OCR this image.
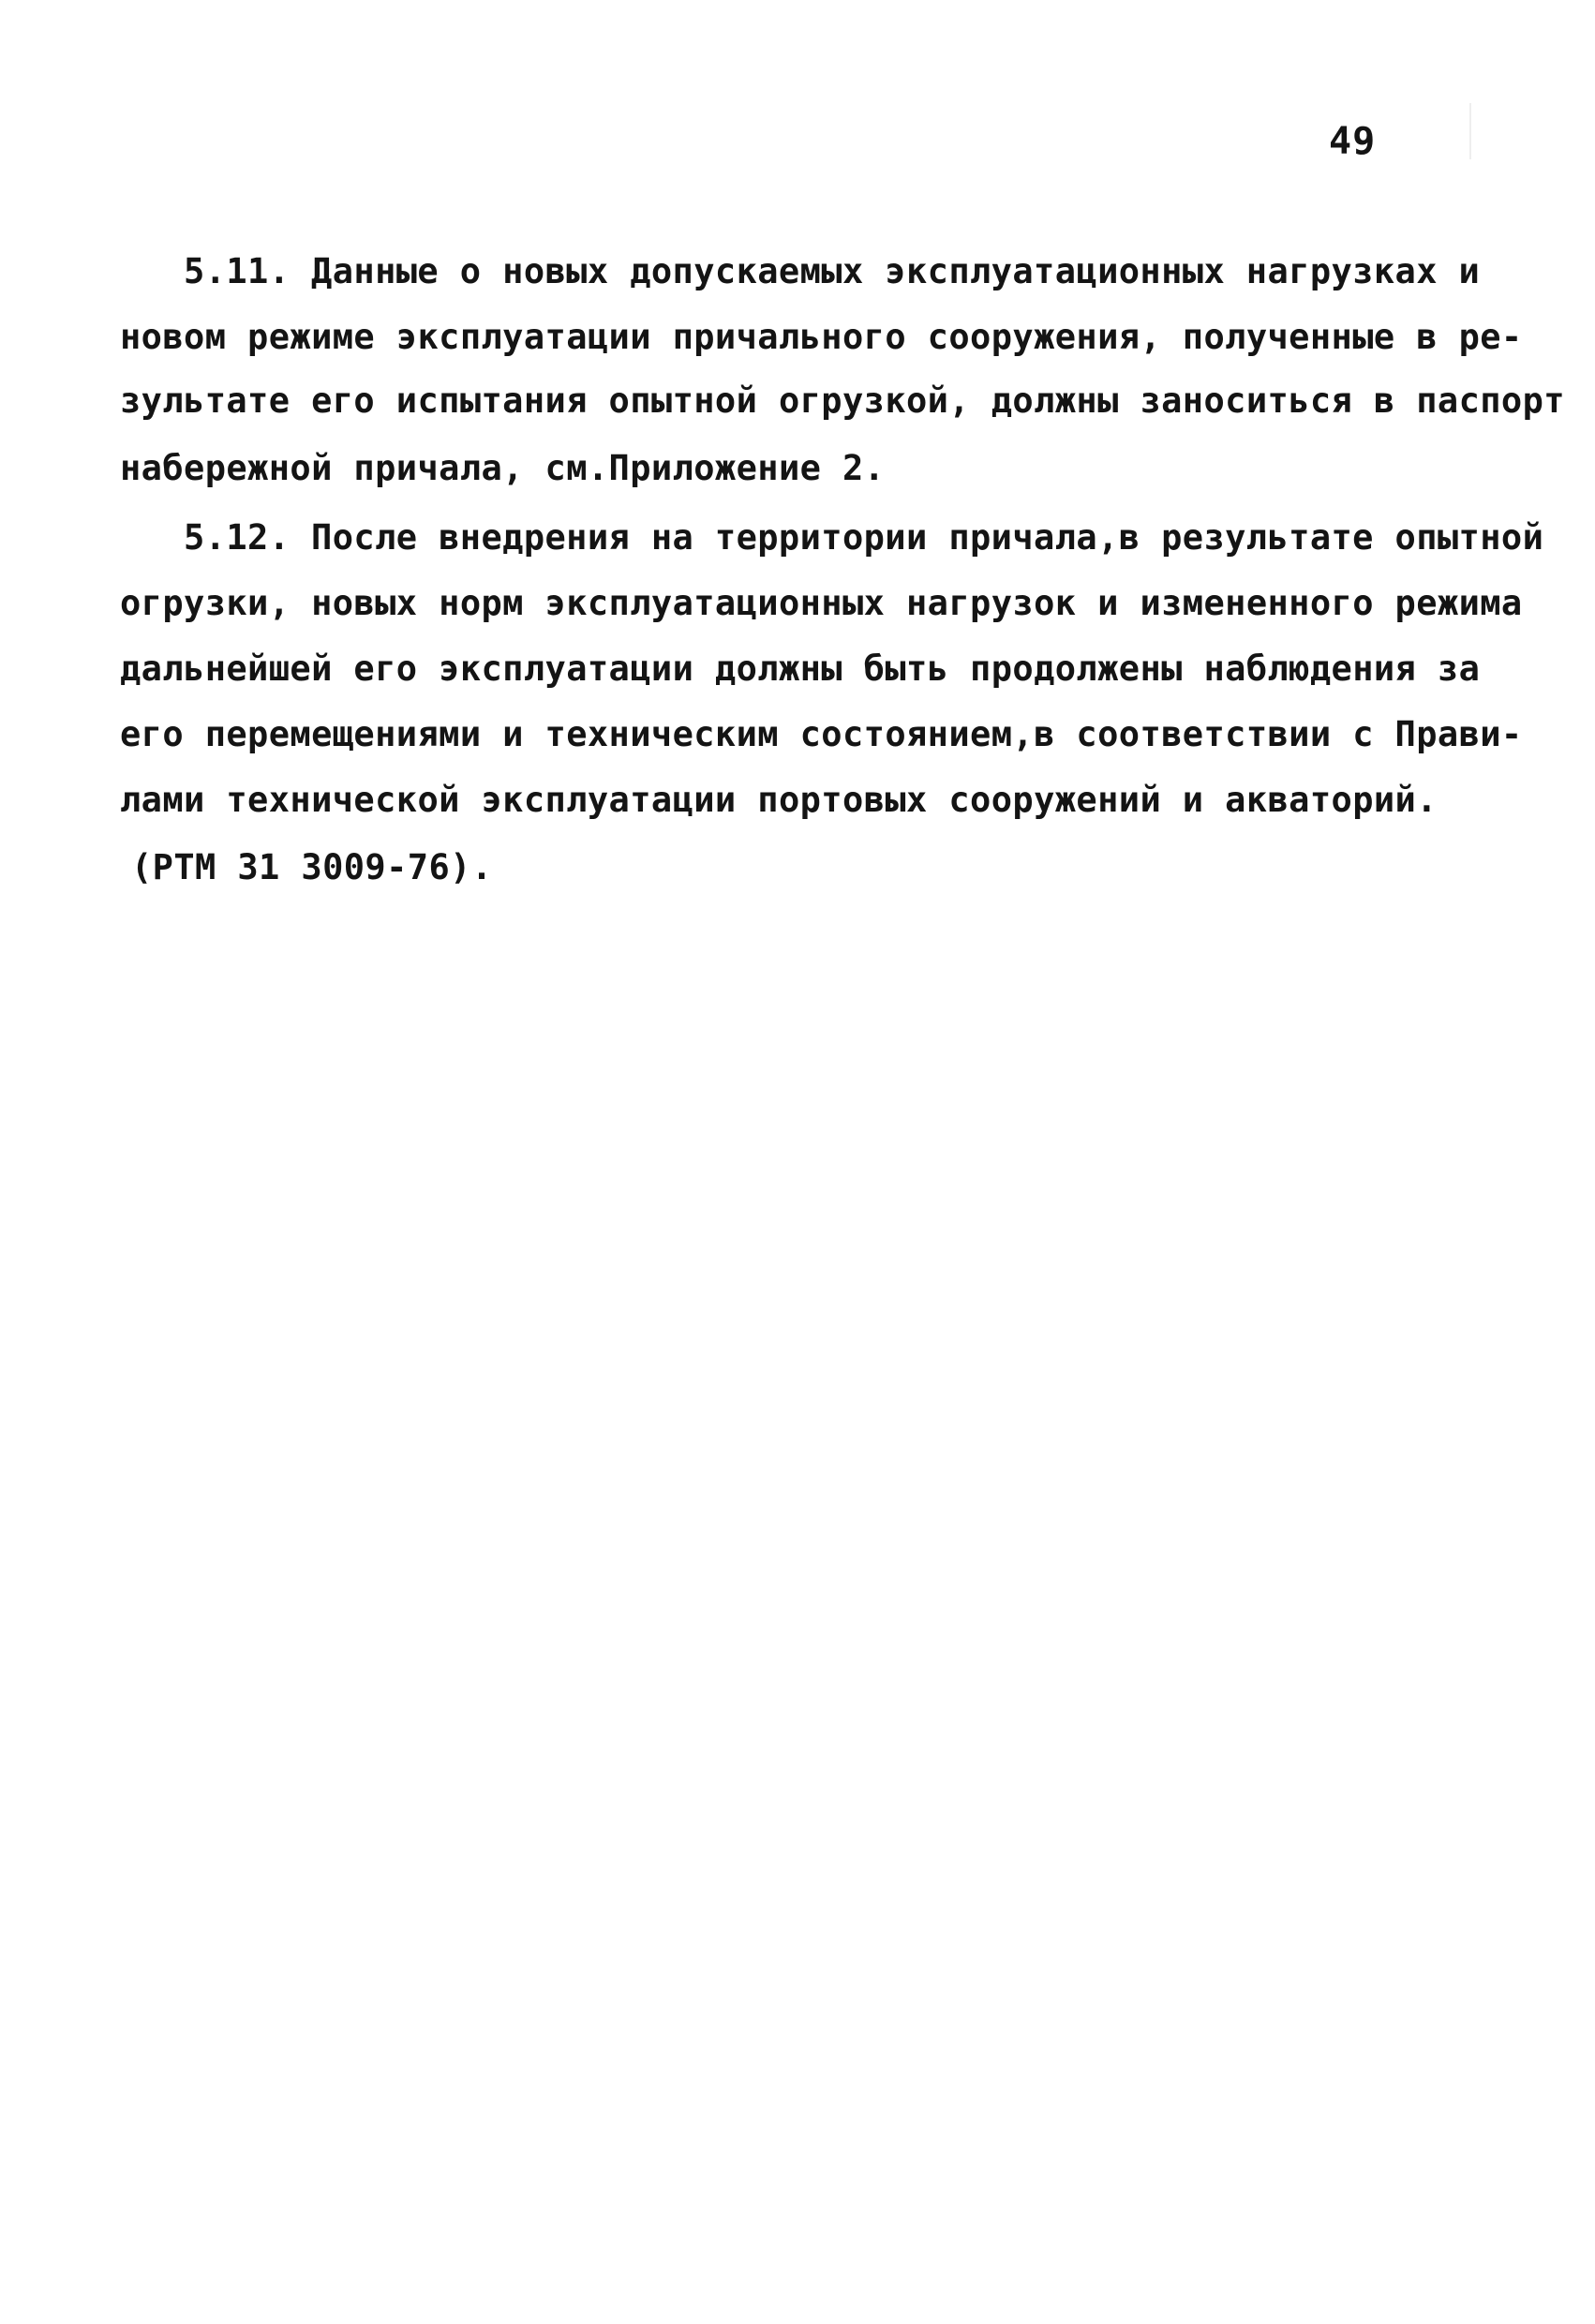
49
5.11. Данные о новых допускаемых эксплуатационных нагрузках и
новом режиме эксплуатации причального сооружения, полученные в ре-
зультате его испытания опытной огрузкой, должны заноситься в паспорт
набережной причала, см.Приложение 2.
5.12. После внедрения на территории причала,в результате опытной
огрузки, новых норм эксплуатационных нагрузок и измененного режима
дальнейшей его эксплуатации должны быть продолжены наблюдения за
его перемещениями и техническим состоянием,в соответствии с Прави-
лами технической эксплуатации портовых сооружений и акваторий.
(РТМ 31 3009-76).
